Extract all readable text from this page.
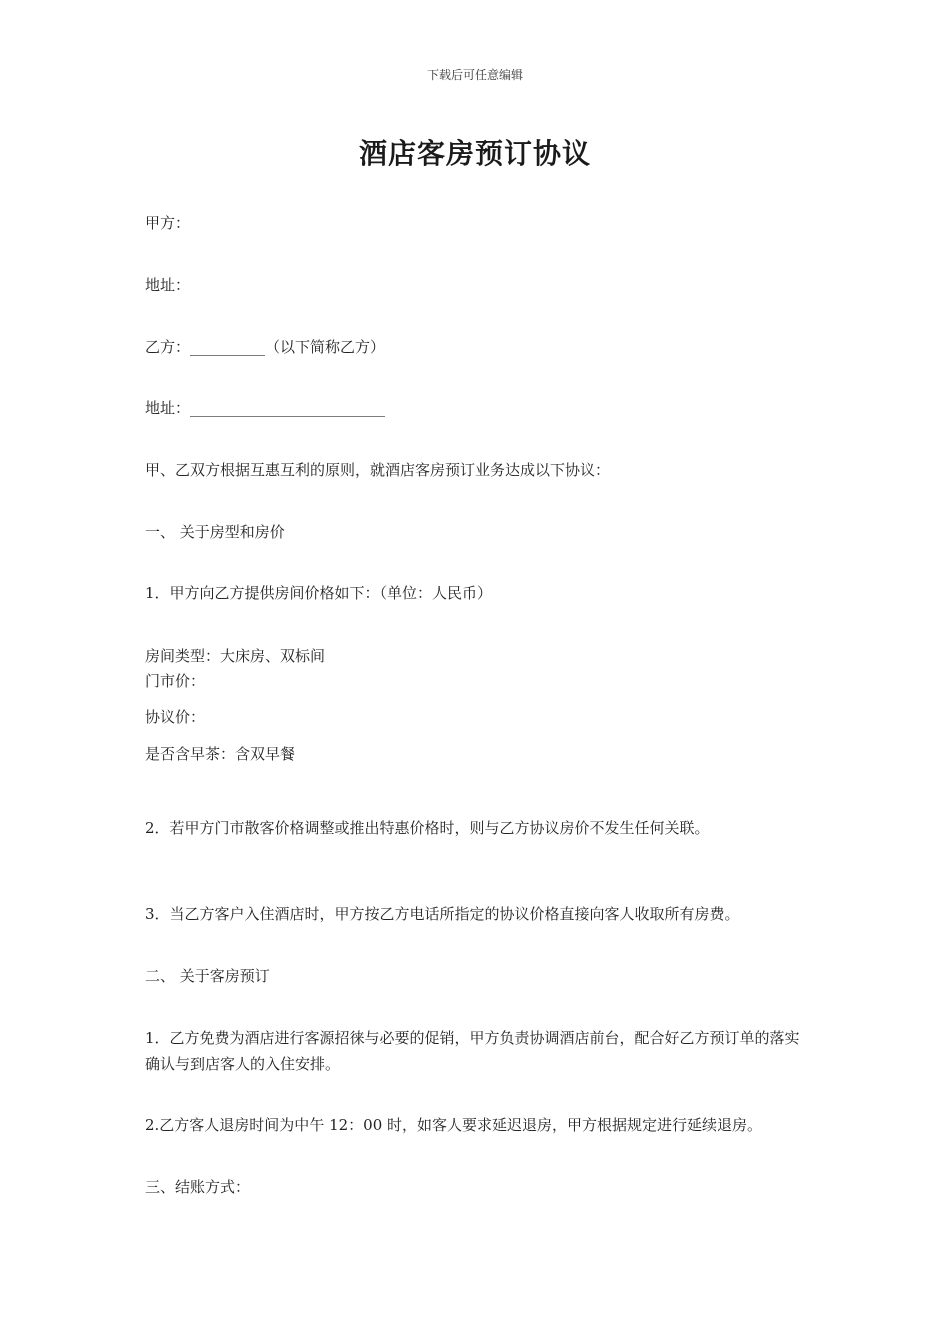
下载后可任意编辑
酒店客房预订协议
甲方：
地址：
乙方：__________（以下简称乙方）
地址：__________________________
甲、乙双方根据互惠互利的原则，就酒店客房预订业务达成以下协议：
一、 关于房型和房价
1．甲方向乙方提供房间价格如下：（单位：人民币）
房间类型：大床房、双标间
门市价：
协议价：
是否含早茶：含双早餐
2．若甲方门市散客价格调整或推出特惠价格时，则与乙方协议房价不发生任何关联。
3．当乙方客户入住酒店时，甲方按乙方电话所指定的协议价格直接向客人收取所有房费。
二、 关于客房预订
1．乙方免费为酒店进行客源招徕与必要的促销，甲方负责协调酒店前台，配合好乙方预订单的落实确认与到店客人的入住安排。
2.乙方客人退房时间为中午 12：00 时，如客人要求延迟退房，甲方根据规定进行延续退房。
三、结账方式：
